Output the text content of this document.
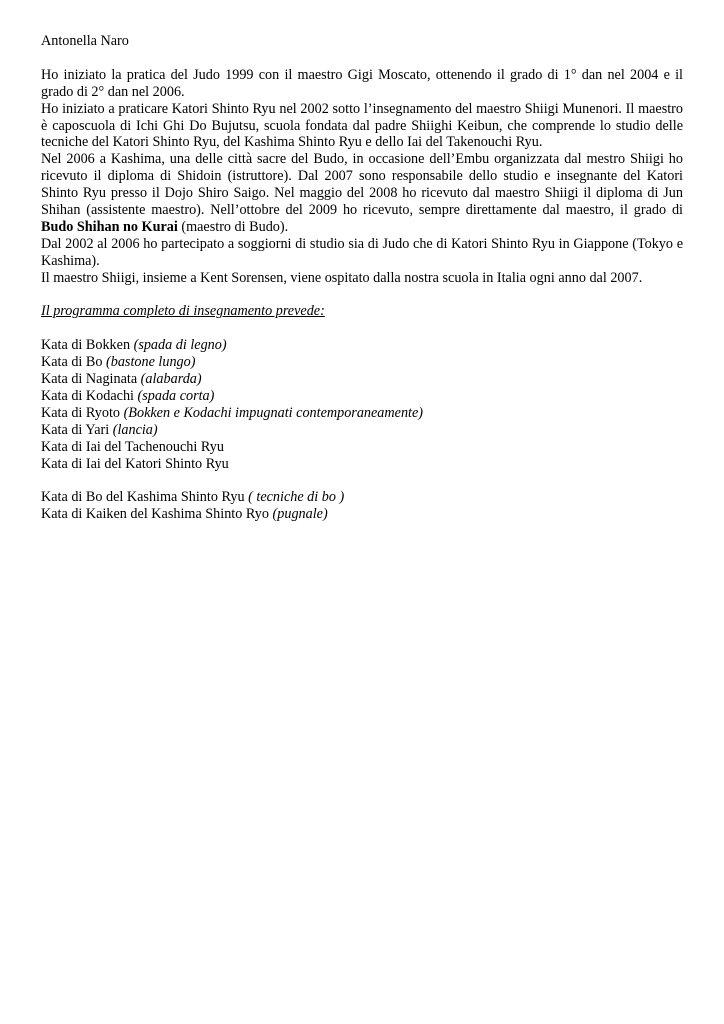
Antonella Naro

Ho iniziato la pratica del Judo 1999 con il maestro Gigi Moscato, ottenendo il grado di 1° dan nel 2004 e il grado di 2° dan nel 2006.

Ho iniziato a praticare Katori Shinto Ryu nel 2002 sotto l’insegnamento del maestro Shiigi Munenori. Il maestro è caposcuola di Ichi Ghi Do Bujutsu, scuola fondata dal padre Shiighi Keibun, che comprende lo studio delle tecniche del Katori Shinto Ryu, del Kashima Shinto Ryu e dello Iai del Takenouchi Ryu.

Nel 2006 a Kashima, una delle città sacre del Budo, in occasione dell’Embu organizzata dal mestro Shiigi ho ricevuto il diploma di Shidoin (istruttore). Dal 2007 sono responsabile dello studio e insegnante del Katori Shinto Ryu presso il Dojo Shiro Saigo. Nel maggio del 2008 ho ricevuto dal maestro Shiigi il diploma di Jun Shihan (assistente maestro). Nell’ottobre del 2009 ho ricevuto, sempre direttamente dal maestro, il grado di Budo Shihan no Kurai (maestro di Budo).

Dal 2002 al 2006 ho partecipato a soggiorni di studio sia di Judo che di Katori Shinto Ryu in Giappone (Tokyo e Kashima).

Il maestro Shiigi, insieme a Kent Sorensen, viene ospitato dalla nostra scuola in Italia ogni anno dal 2007.

Il programma completo di insegnamento prevede:

Kata di Bokken (spada di legno)
Kata di Bo (bastone lungo)
Kata di Naginata (alabarda)
Kata di Kodachi (spada corta)
Kata di Ryoto (Bokken e Kodachi impugnati contemporaneamente)
Kata di Yari (lancia)
Kata di Iai del Tachenouchi Ryu
Kata di Iai del Katori Shinto Ryu
Kata di Bo del Kashima Shinto Ryu ( tecniche di bo )
Kata di Kaiken del Kashima Shinto Ryo (pugnale)
